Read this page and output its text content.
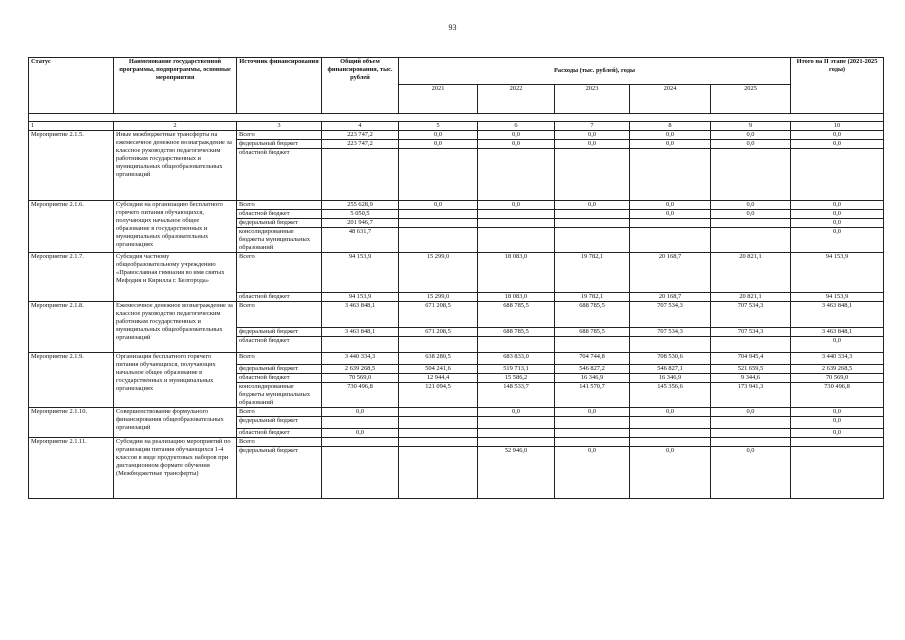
93
Статус	Наименование государственной программы, подпрограммы, основные мероприятия	Источник финансирования	Общий объем финансирования, тыс. рублей	Расходы (тыс. рублей), годы					Итого на II этапе (2021-2025 годы)
				2021	2022	2023	2024	2025	

1	2	3	4	5	6	7	8	9	10
Мероприятие 2.1.5.	Иные межбюджетные трансферты на ежемесячное денежное вознаграждение за классное руководство педагогическим работникам государственных и муниципальных общеобразовательных организаций	Всего	223 747,2	0,0	0,0	0,0	0,0	0,0	0,0
		федеральный бюджет	223 747,2	0,0	0,0	0,0	0,0	0,0	0,0
		областной бюджет							
Мероприятие 2.1.6.	Субсидии на организацию бесплатного горячего питания обучающихся, получающих начальное общее образование в государственных и муниципальных образовательных организациях	Всего	255 628,9	0,0	0,0	0,0	0,0	0,0	0,0
		областной бюджет	5 050,5				0,0	0,0	0,0
		федеральный бюджет	201 946,7						0,0
		консолидированные бюджеты муниципальных образований	48 631,7						0,0
Мероприятие 2.1.7.	Субсидия частному общеобразовательному учреждению «Православная гимназия во имя святых Мефодия и Кирилла г. Белгорода»	Всего	94 153,9	15 299,0	18 083,0	19 782,1	20 168,7	20 821,1	94 153,9
		областной бюджет	94 153,9	15 299,0	18 083,0	19 782,1	20 168,7	20 821,1	94 153,9
Мероприятие 2.1.8.	Ежемесячное денежное вознаграждение за классное руководство педагогическим работникам государственных и муниципальных общеобразовательных организаций	Всего	3 463 848,1	671 208,5	688 785,5	688 785,5	707 534,3	707 534,3	3 463 848,1
		федеральный бюджет	3 463 848,1	671 208,5	688 785,5	688 785,5	707 534,3	707 534,3	3 463 848,1
		областной бюджет							0,0
Мероприятие 2.1.9.	Организация бесплатного горячего питания обучающихся, получающих начальное общее образование в государственных и муниципальных организациях	Всего	3 440 334,3	638 280,5	683 833,0	704 744,8	708 530,6	704 945,4	3 440 334,3
		федеральный бюджет	2 639 268,5	504 241,6	519 713,1	546 827,2	546 827,1	521 659,5	2 639 268,5
		областной бюджет	70 569,0	12 944,4	15 586,2	16 346,9	16 346,9	9 344,6	70 569,0
		консолидированные бюджеты муниципальных образований	730 496,8	121 094,5	148 533,7	141 570,7	145 356,6	173 941,3	730 496,8
Мероприятие 2.1.10.	Совершенствование формульного финансирования общеобразовательных организаций	Всего	0,0		0,0	0,0	0,0	0,0	0,0
		федеральный бюджет							0,0
		областной бюджет	0,0						0,0
Мероприятие 2.1.11.	Субсидии на реализацию мероприятий по организации питания обучающихся 1-4 классов в виде продуктовых наборов при дистанционном формате обучения (Межбюджетные трансферты)	Всего							
		федеральный бюджет			52 946,0	0,0	0,0	0,0	
